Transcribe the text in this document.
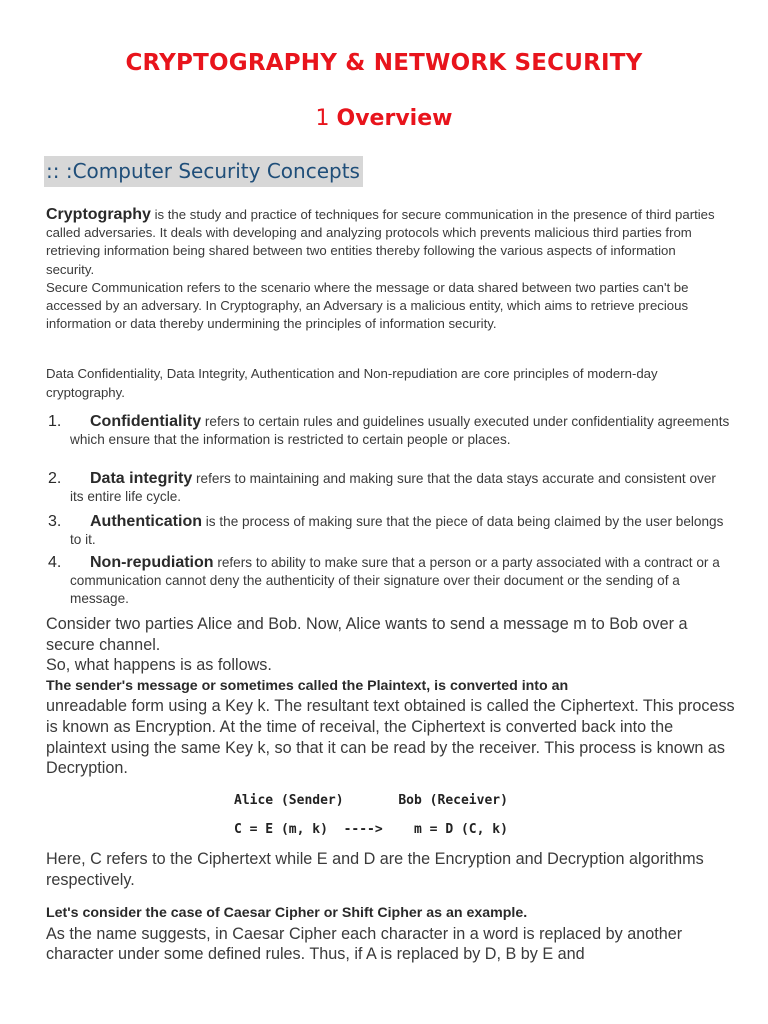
CRYPTOGRAPHY & NETWORK SECURITY
1 Overview
:: :Computer Security Concepts
Cryptography is the study and practice of techniques for secure communication in the presence of third parties called adversaries. It deals with developing and analyzing protocols which prevents malicious third parties from retrieving information being shared between two entities thereby following the various aspects of information security.
Secure Communication refers to the scenario where the message or data shared between two parties can't be accessed by an adversary. In Cryptography, an Adversary is a malicious entity, which aims to retrieve precious information or data thereby undermining the principles of information security.
Data Confidentiality, Data Integrity, Authentication and Non-repudiation are core principles of modern-day cryptography.
1.	Confidentiality refers to certain rules and guidelines usually executed under confidentiality agreements which ensure that the information is restricted to certain people or places.
2.	Data integrity refers to maintaining and making sure that the data stays accurate and consistent over its entire life cycle.
3.	Authentication is the process of making sure that the piece of data being claimed by the user belongs to it.
4.	Non-repudiation refers to ability to make sure that a person or a party associated with a contract or a communication cannot deny the authenticity of their signature over their document or the sending of a message.
Consider two parties Alice and Bob. Now, Alice wants to send a message m to Bob over a secure channel.
So, what happens is as follows.
The sender's message or sometimes called the Plaintext, is converted into an
unreadable form using a Key k. The resultant text obtained is called the Ciphertext. This process is known as Encryption. At the time of receival, the Ciphertext is converted back into the plaintext using the same Key k, so that it can be read by the receiver. This process is known as Decryption.
Alice (Sender)       Bob (Receiver)
C = E (m, k)  ---->    m = D (C, k)
Here, C refers to the Ciphertext while E and D are the Encryption and Decryption algorithms respectively.
Let's consider the case of Caesar Cipher or Shift Cipher as an example.
As the name suggests, in Caesar Cipher each character in a word is replaced by another character under some defined rules. Thus, if A is replaced by D, B by E and
